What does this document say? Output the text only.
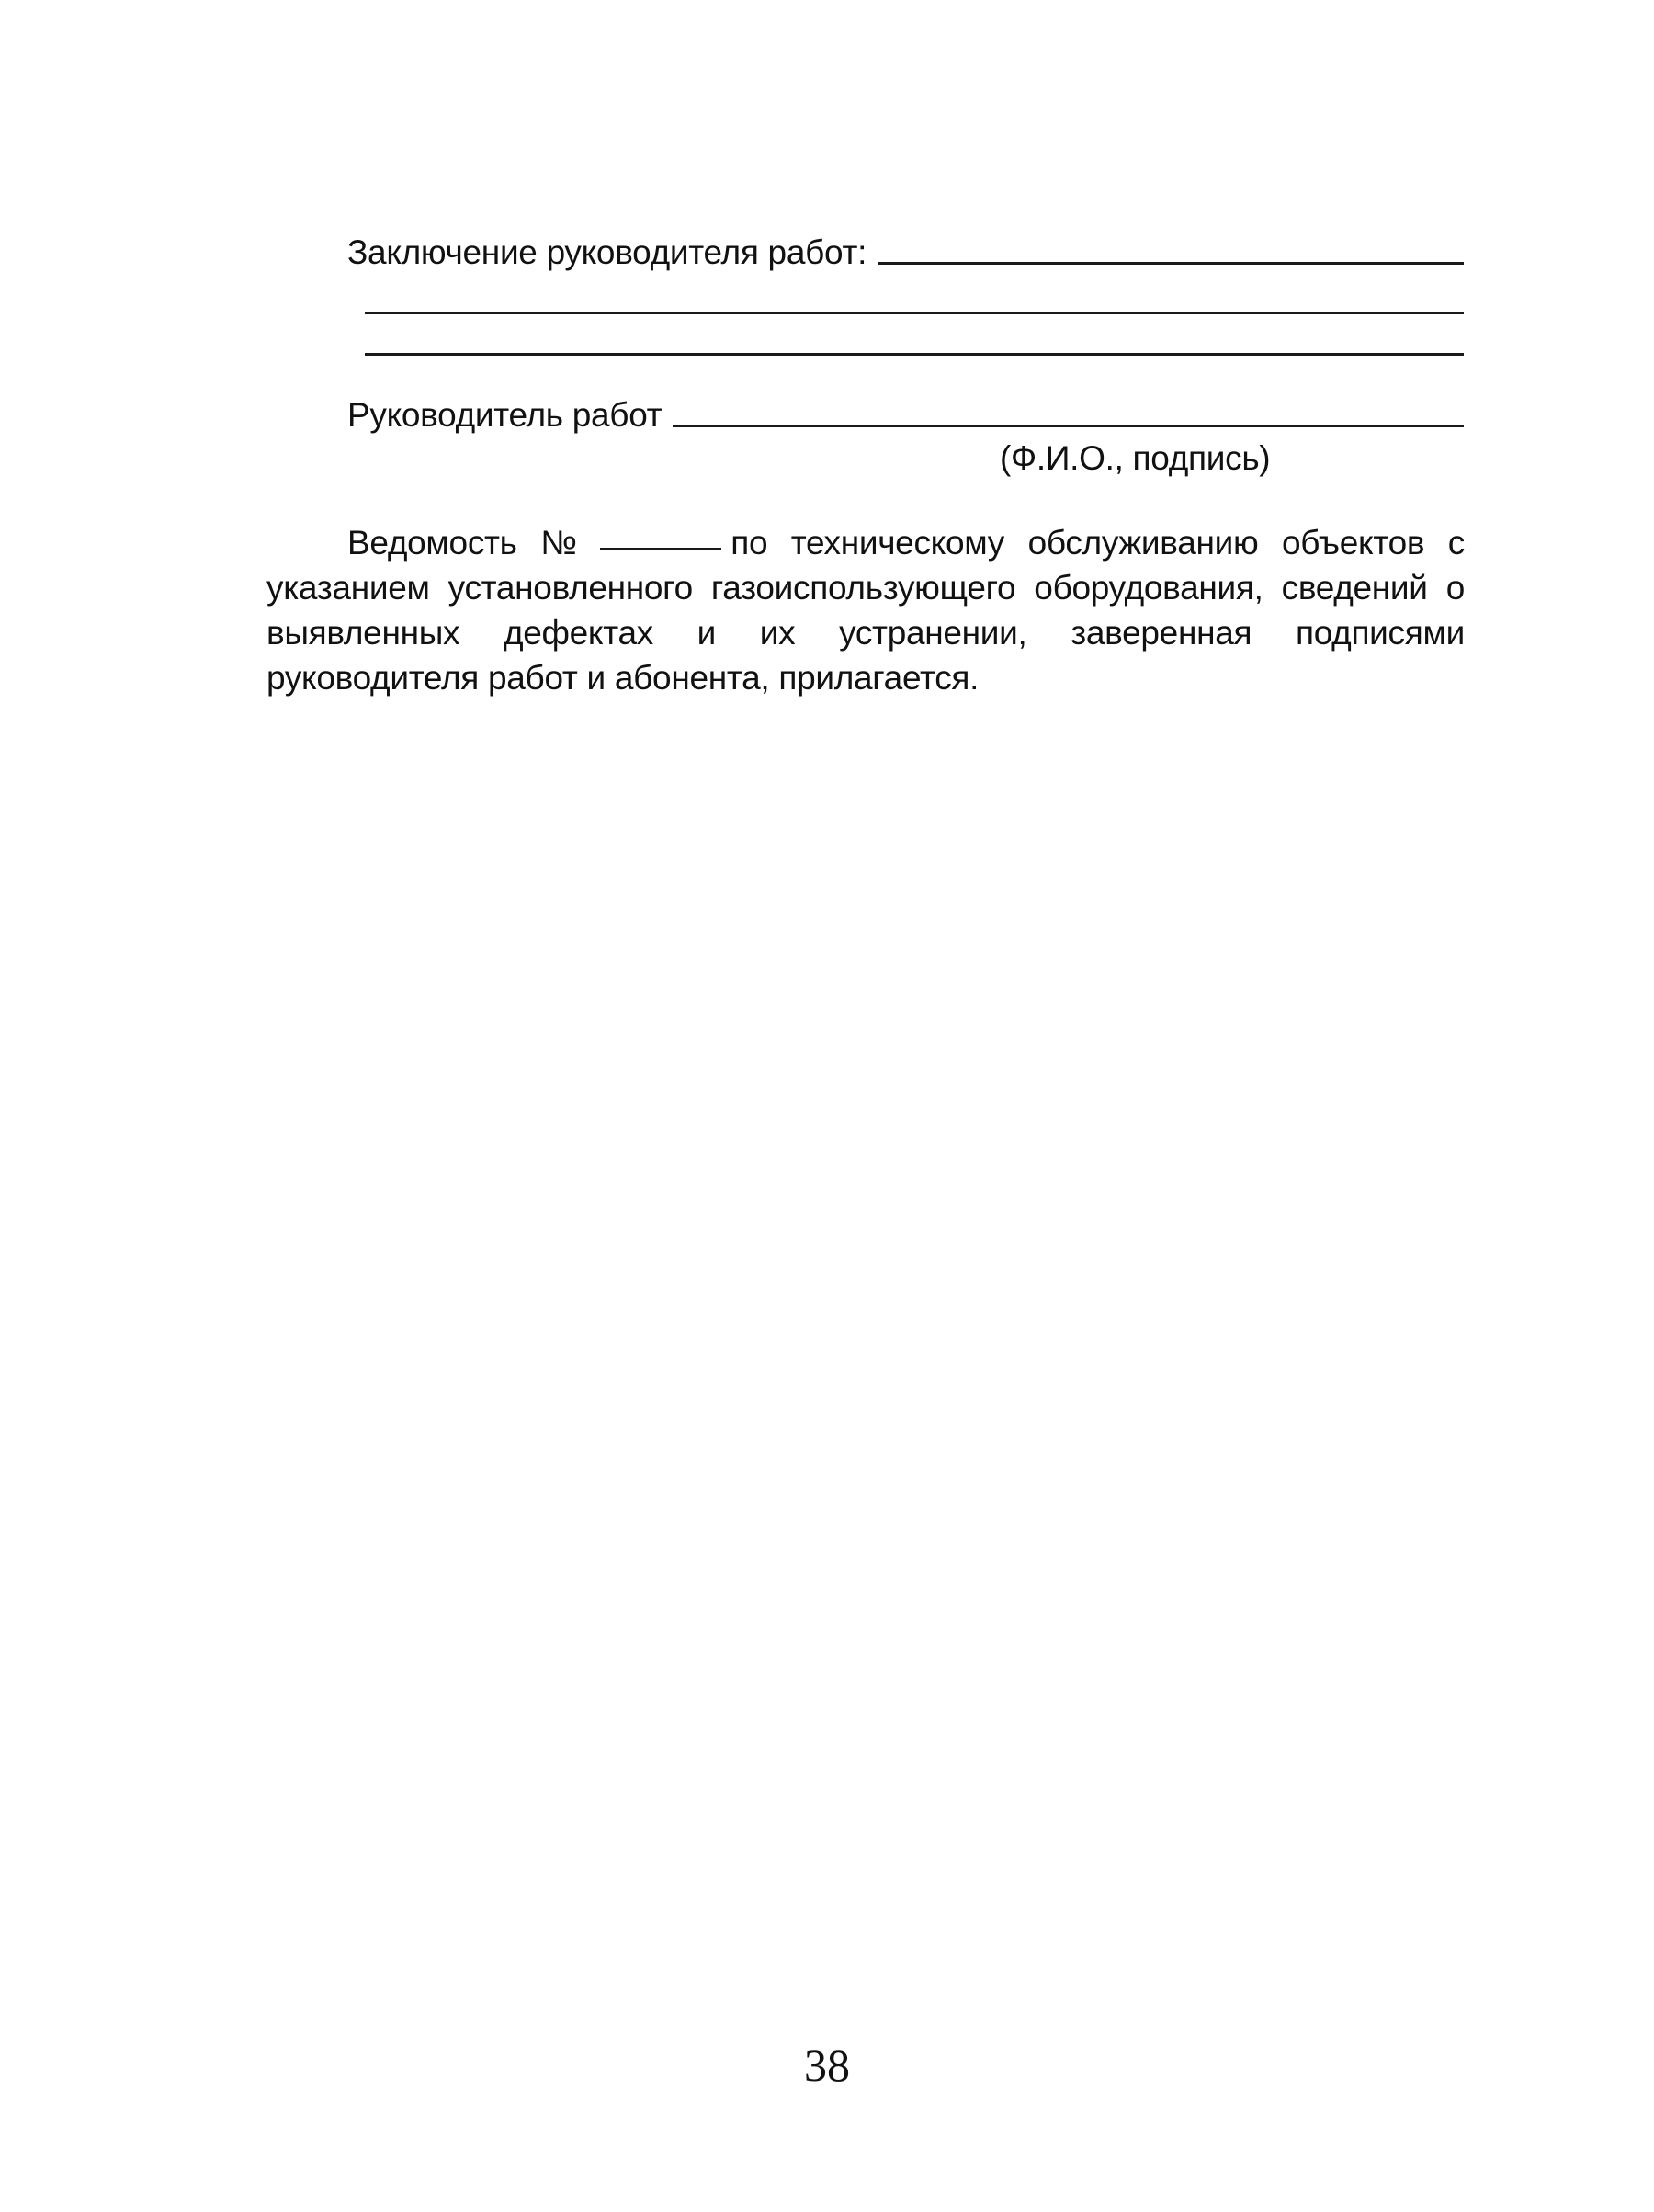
Заключение руководителя работ:
Руководитель работ
(Ф.И.О., подпись)

Ведомость №	по техническому обслуживанию объектов с указанием установленного газоиспользующего оборудования, сведений о выявленных дефектах и их устранении, заверенная подписями руководителя работ и абонента, прилагается.

38
